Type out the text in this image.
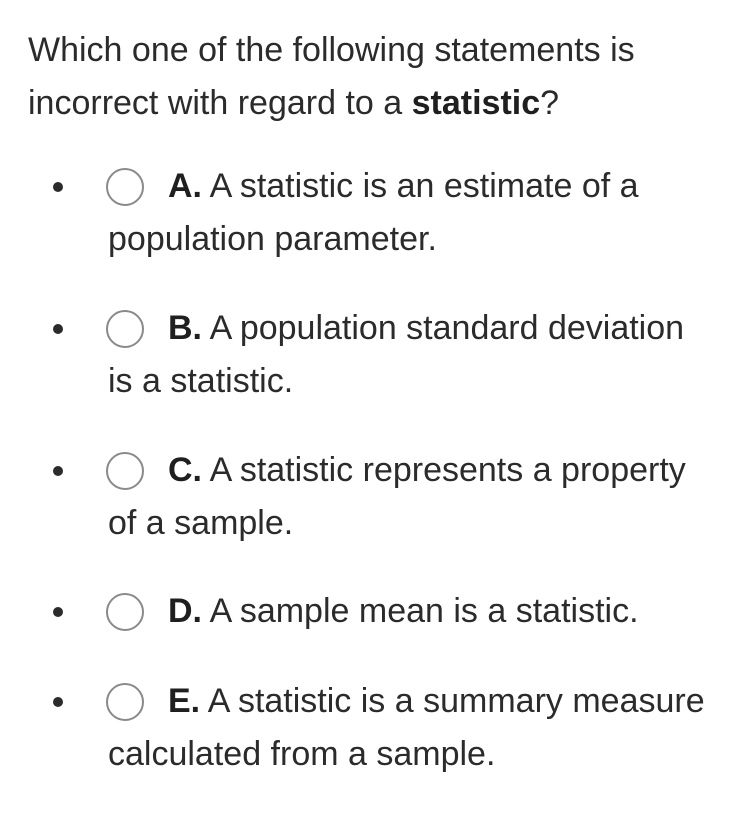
Which one of the following statements is incorrect with regard to a statistic?

A. A statistic is an estimate of a population parameter.

B. A population standard deviation is a statistic.

C. A statistic represents a property of a sample.

D. A sample mean is a statistic.

E. A statistic is a summary measure calculated from a sample.
